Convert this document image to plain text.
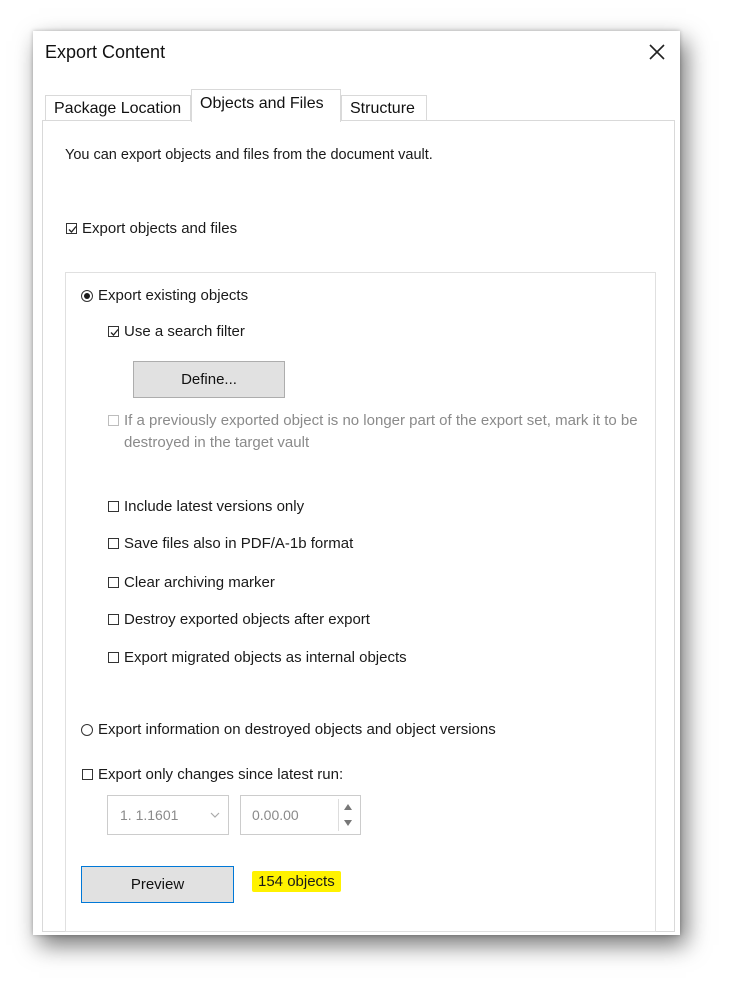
Export Content
Package Location	Objects and Files	Structure
You can export objects and files from the document vault.
Export objects and files
Export existing objects
Use a search filter
Define...
If a previously exported object is no longer part of the export set, mark it to be
destroyed in the target vault
Include latest versions only
Save files also in PDF/A-1b format
Clear archiving marker
Destroy exported objects after export
Export migrated objects as internal objects
Export information on destroyed objects and object versions
Export only changes since latest run:
1. 1.1601	0.00.00
Preview	154 objects
